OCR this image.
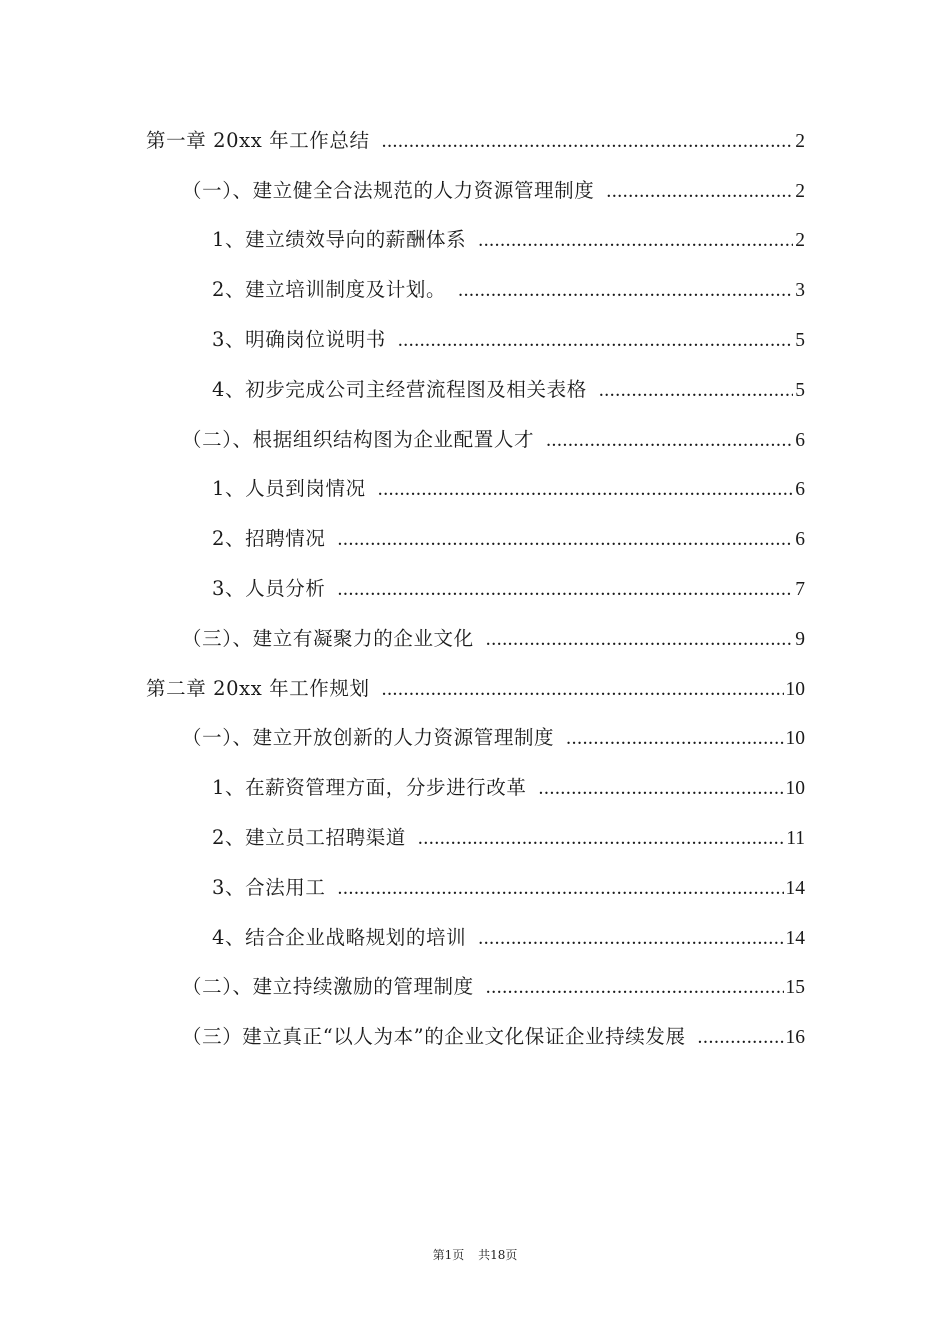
第一章 20xx 年工作总结 .....	2
（一）、建立健全合法规范的人力资源管理制度 .....	2
1、建立绩效导向的薪酬体系 .....	2
2、建立培训制度及计划。 .....	3
3、明确岗位说明书 .....	5
4、初步完成公司主经营流程图及相关表格 .....	5
（二）、根据组织结构图为企业配置人才 .....	6
1、人员到岗情况 .....	6
2、招聘情况 .....	6
3、人员分析 .....	7
（三）、建立有凝聚力的企业文化 .....	9
第二章 20xx 年工作规划 .....	10
（一）、建立开放创新的人力资源管理制度 .....	10
1、在薪资管理方面，分步进行改革 .....	10
2、建立员工招聘渠道 .....	11
3、合法用工 .....	14
4、结合企业战略规划的培训 .....	14
（二）、建立持续激励的管理制度 .....	15
（三）建立真正“以人为本”的企业文化保证企业持续发展 .....	16
第1页 共18页
